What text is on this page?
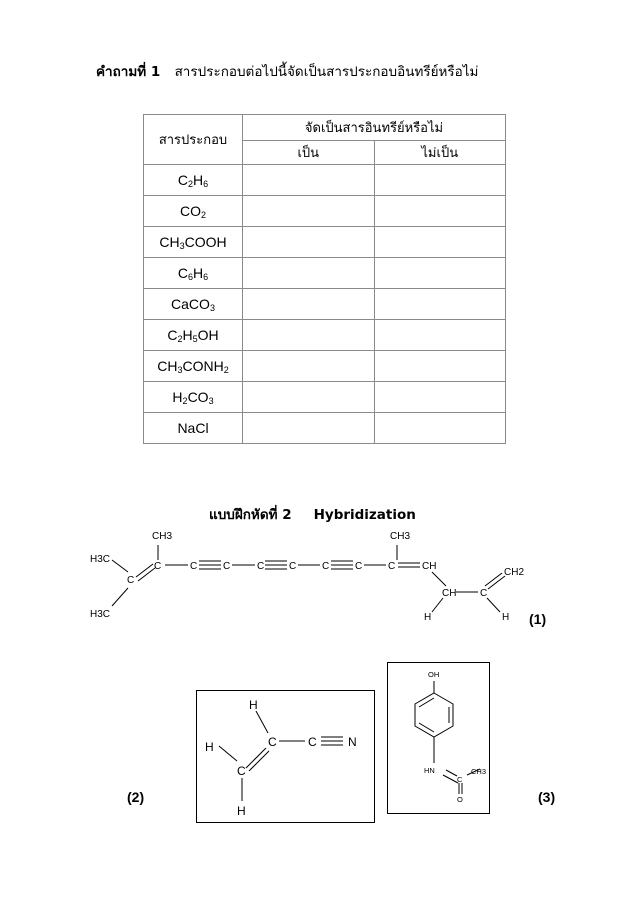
คำถามที่ 1 สารประกอบต่อไปนี้จัดเป็นสารประกอบอินทรีย์หรือไม่
สารประกอบ	จัดเป็นสารอินทรีย์หรือไม่	
	เป็น	ไม่เป็น
$C_2H_6$		
$CO_2$		
$CH_3COOH$		
$C_6H_6$		
CaCO$_3$		
$C_2H_5OH$		
$CH_3CONH_2$		
$H_2CO_3$		
NaCl		
แบบฝึกหัดที่ 2 Hybridization
H3C
C
H3C
C
CH3
C	C	C C	C	C	C
CH3
CH
CH2
CH C
H	H (1)
H
H	C
C
C	N
H
(2)
OH
HN
C
CH3
O	(3)
